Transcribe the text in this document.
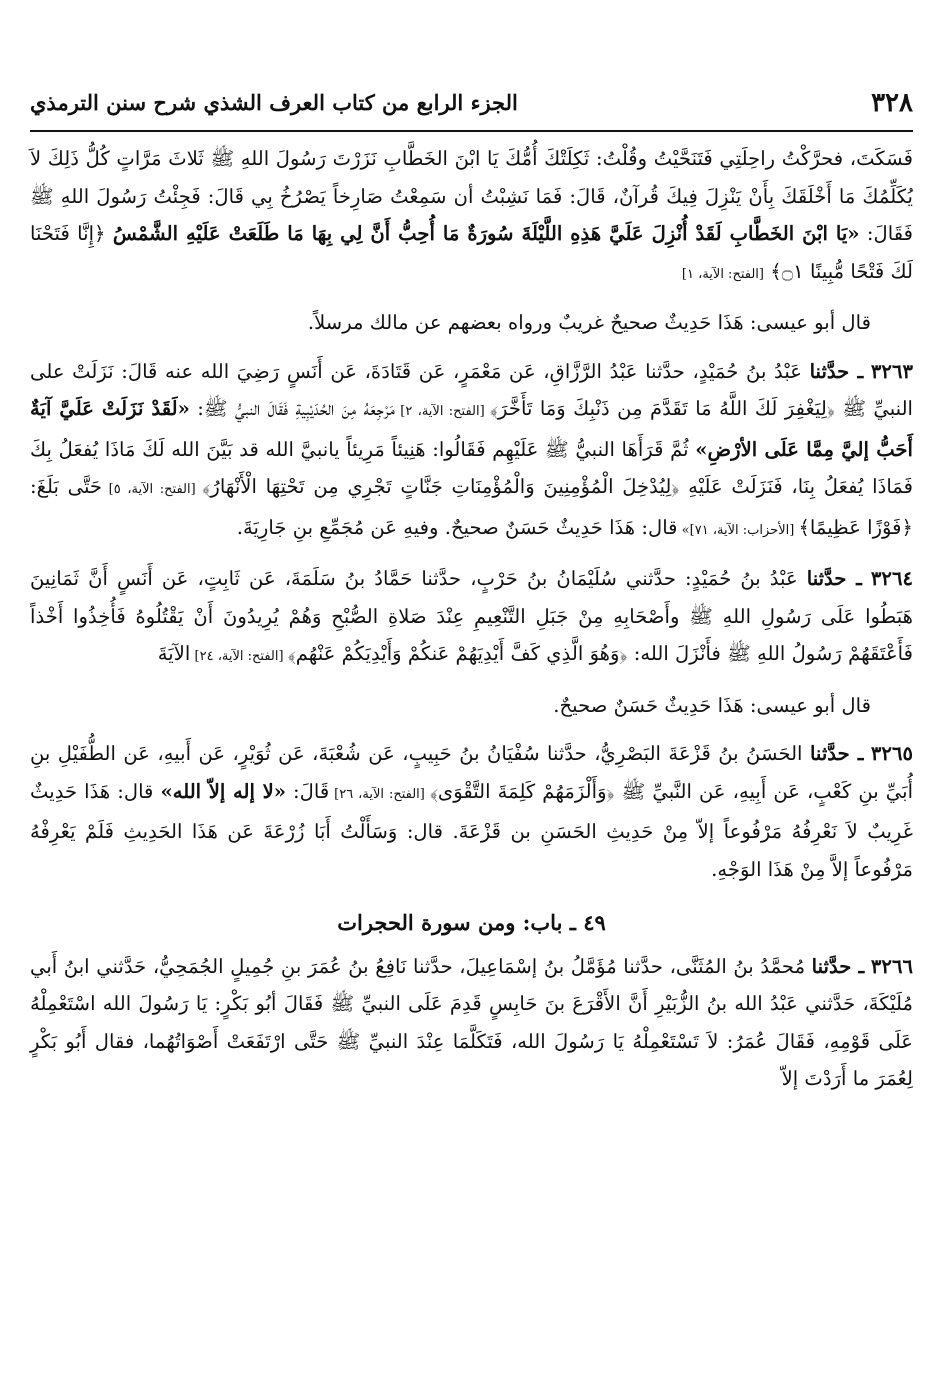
٣٢٨
الجزء الرابع من كتاب العرف الشذي شرح سنن الترمذي

فَسَكَتَ، فحرَّكْتُ راحِلَتِي فَتَنَحَّيْتُ وقُلْتُ: ثَكِلَتْكَ أُمُّكَ يَا ابْنَ الخَطَّابِ نَزَرْتَ رَسُولَ اللهِ ﷺ ثَلاثَ مَرَّاتٍ كُلُّ ذَلِكَ لاَ يُكَلِّمُكَ مَا أَخْلَقَكَ بِأَنْ يَنْزِلَ فِيكَ قُرآنٌ، قَالَ: فَمَا نَشِبْتُ أن سَمِعْتُ صَارِخاً يَصْرُخُ بِي قَالَ: فَجِئْتُ رَسُولَ اللهِ ﷺ فَقَالَ: «يَا ابْنَ الخَطَّابِ لَقَدْ أُنْزِلَ عَلَيَّ هَذِهِ اللَّيْلَةَ سُورَةٌ مَا أُحِبُّ أَنَّ لِي بِهَا مَا طَلَعَتْ عَلَيْهِ الشَّمْسُ ﴿إِنَّا فَتَحْنَا لَكَ فَتْحًا مُّبِينًا ۝١﴾ [الفتح: الآية، ١]

قال أبو عيسى: هَذَا حَدِيثٌ صحيحٌ غريبٌ ورواه بعضهم عن مالك مرسلاً.

٣٢٦٣ ـ حدَّثنا عَبْدُ بنُ حُمَيْدٍ، حدَّثنا عَبْدُ الرَّزَّاقِ، عَن مَعْمَرٍ، عَن قَتَادَةَ، عَن أَنَسٍ رَضِيَ الله عنه قَالَ: نَزَلَتْ على النبيِّ ﷺ ﴿لِيَغْفِرَ لَكَ اللَّهُ مَا تَقَدَّمَ مِن ذَنْبِكَ وَمَا تَأَخَّرَ﴾ [الفتح: الآية، ٢] مَرْجِعَهُ مِنَ الحُدَيْبِيةِ فَقَالَ النبيُّ ﷺ: «لَقَدْ نَزَلَتْ عَلَيَّ آيَةٌ أَحَبُّ إليَّ مِمَّا عَلَى الأرْضِ» ثُمَّ قَرَأَهَا النبيُّ ﷺ عَلَيْهِم فَقَالُوا: هَنِيئاً مَرِيئاً يانبيَّ الله قد بَيَّنَ الله لَكَ مَاذَا يُفعَلُ بِكَ فَمَاذَا يُفعَلُ بِنَا، فَنَزَلَتْ عَلَيْهِ ﴿لِيُدْخِلَ الْمُؤْمِنِينَ وَالْمُؤْمِنَاتِ جَنَّاتٍ تَجْرِي مِن تَحْتِهَا الْأَنْهَارُ﴾ [الفتح: الآية، ٥] حَتَّى بَلَغَ: ﴿فَوْزًا عَظِيمًا﴾ [الأحزاب: الآية، ٧١]» قال: هَذَا حَدِيثٌ حَسَنٌ صحيحٌ. وفيهِ عَن مُجَمِّعِ بنِ جَارِيَةَ.

٣٢٦٤ ـ حدَّثنا عَبْدُ بنُ حُمَيْدٍ: حدَّثني سُلَيْمَانُ بنُ حَرْبٍ، حدَّثنا حَمَّادُ بنُ سَلَمَةَ، عَن ثَابِتٍ، عَن أَنَسٍ أَنَّ ثَمَانِينَ هَبَطُوا عَلَى رَسُولِ اللهِ ﷺ وأَصْحَابِهِ مِنْ جَبَلِ التَّنْعِيمِ عِنْدَ صَلاةِ الصُّبْحِ وَهُمْ يُرِيدُونَ أَنْ يَقْتُلُوهُ فَأُخِذُوا أَخْذاً فَأَعْتَقَهُمْ رَسُولُ اللهِ ﷺ فأَنْزَلَ الله: ﴿وَهُوَ الَّذِي كَفَّ أَيْدِيَهُمْ عَنكُمْ وَأَيْدِيَكُمْ عَنْهُم﴾ [الفتح: الآية، ٢٤] الآيَةَ

قال أبو عيسى: هَذَا حَدِيثٌ حَسَنٌ صحيحٌ.

٣٢٦٥ ـ حدَّثنا الحَسَنُ بنُ قَزْعَةَ البَصْرِيُّ، حدَّثنا سُفْيَانُ بنُ حَبِيبٍ، عَن شُعْبَةَ، عَن ثُوَيْرٍ، عَن أَبيهِ، عَن الطُّفَيْلِ بنِ أُبَيِّ بنِ كَعْبٍ، عَن أَبِيهِ، عَن النَّبيِّ ﷺ ﴿وَأَلْزَمَهُمْ كَلِمَةَ التَّقْوَى﴾ [الفتح: الآية، ٢٦] قَالَ: «لا إله إلاّ الله» قال: هَذَا حَدِيثٌ غَرِيبٌ لاَ نَعْرِفُهُ مَرْفُوعاً إلاّ مِنْ حَدِيثِ الحَسَنِ بن قَزْعَةَ. قال: وَسَأَلْتُ أَبَا زُرْعَةَ عَن هَذَا الحَدِيثِ فَلَمْ يَعْرِفْهُ مَرْفُوعاً إلاَّ مِنْ هَذَا الوَجْهِ.

٤٩ ـ باب: ومن سورة الحجرات

٣٢٦٦ ـ حدَّثنا مُحمَّدُ بنُ المُثَنَّى، حدَّثنا مُؤَمَّلُ بنُ إسْمَاعِيلَ، حدَّثنا نَافِعُ بنُ عُمَرَ بنِ جُمِيلٍ الجُمَحِيُّ، حَدَّثني ابنُ أَبي مُلَيْكَةَ، حَدَّثني عَبْدُ الله بنُ الزُّبَيْرِ أَنَّ الأَقْرَعَ بنَ حَابِسٍ قَدِمَ عَلَى النبيِّ ﷺ فَقَالَ أبُو بَكْرٍ: يَا رَسُولَ الله اسْتَعْمِلْهُ عَلَى قَوْمِهِ، فَقَالَ عُمَرُ: لاَ تَسْتَعْمِلْهُ يَا رَسُولَ الله، فَتَكَلَّمَا عِنْدَ النبيِّ ﷺ حَتَّى ارْتَفَعَتْ أَصْوَاتُهُما، فقال أَبُو بَكْرٍ لِعُمَرَ ما أَرَدْتَ إلاّ
